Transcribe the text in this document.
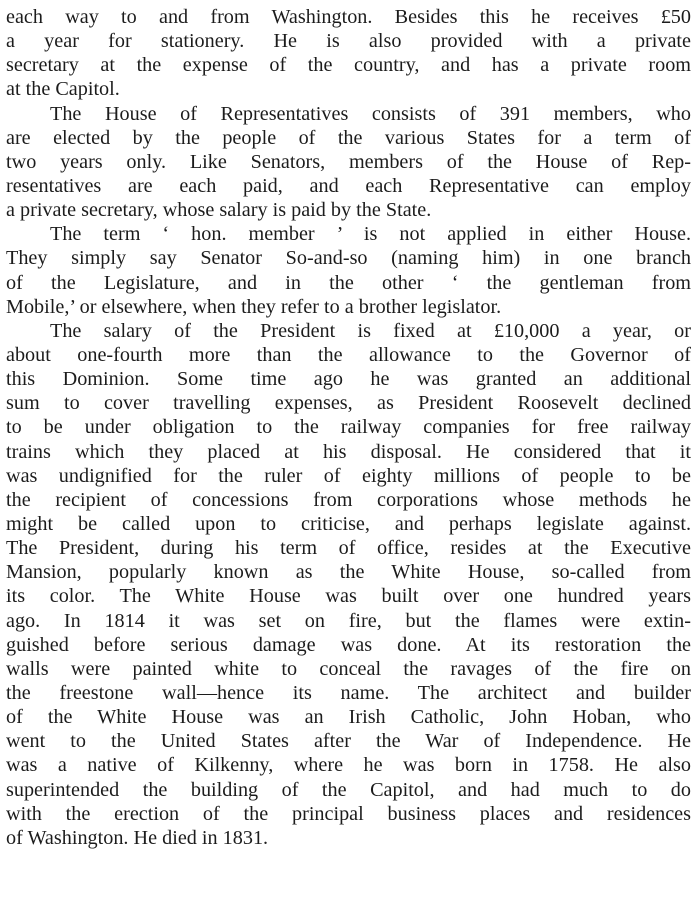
each way to and from Washington. Besides this he receives £50
a year for stationery. He is also provided with a private
secretary at the expense of the country, and has a private room
at the Capitol.
The House of Representatives consists of 391 members, who
are elected by the people of the various States for a term of
two years only. Like Senators, members of the House of Rep-
resentatives are each paid, and each Representative can employ
a private secretary, whose salary is paid by the State.
The term ‘ hon. member ’ is not applied in either House.
They simply say Senator So-and-so (naming him) in one branch
of the Legislature, and in the other ‘ the gentleman from
Mobile,’ or elsewhere, when they refer to a brother legislator.
The salary of the President is fixed at £10,000 a year, or
about one-fourth more than the allowance to the Governor of
this Dominion. Some time ago he was granted an additional
sum to cover travelling expenses, as President Roosevelt declined
to be under obligation to the railway companies for free railway
trains which they placed at his disposal. He considered that it
was undignified for the ruler of eighty millions of people to be
the recipient of concessions from corporations whose methods he
might be called upon to criticise, and perhaps legislate against.
The President, during his term of office, resides at the Executive
Mansion, popularly known as the White House, so-called from
its color. The White House was built over one hundred years
ago. In 1814 it was set on fire, but the flames were extin-
guished before serious damage was done. At its restoration the
walls were painted white to conceal the ravages of the fire on
the freestone wall—hence its name. The architect and builder
of the White House was an Irish Catholic, John Hoban, who
went to the United States after the War of Independence. He
was a native of Kilkenny, where he was born in 1758. He also
superintended the building of the Capitol, and had much to do
with the erection of the principal business places and residences
of Washington. He died in 1831.
